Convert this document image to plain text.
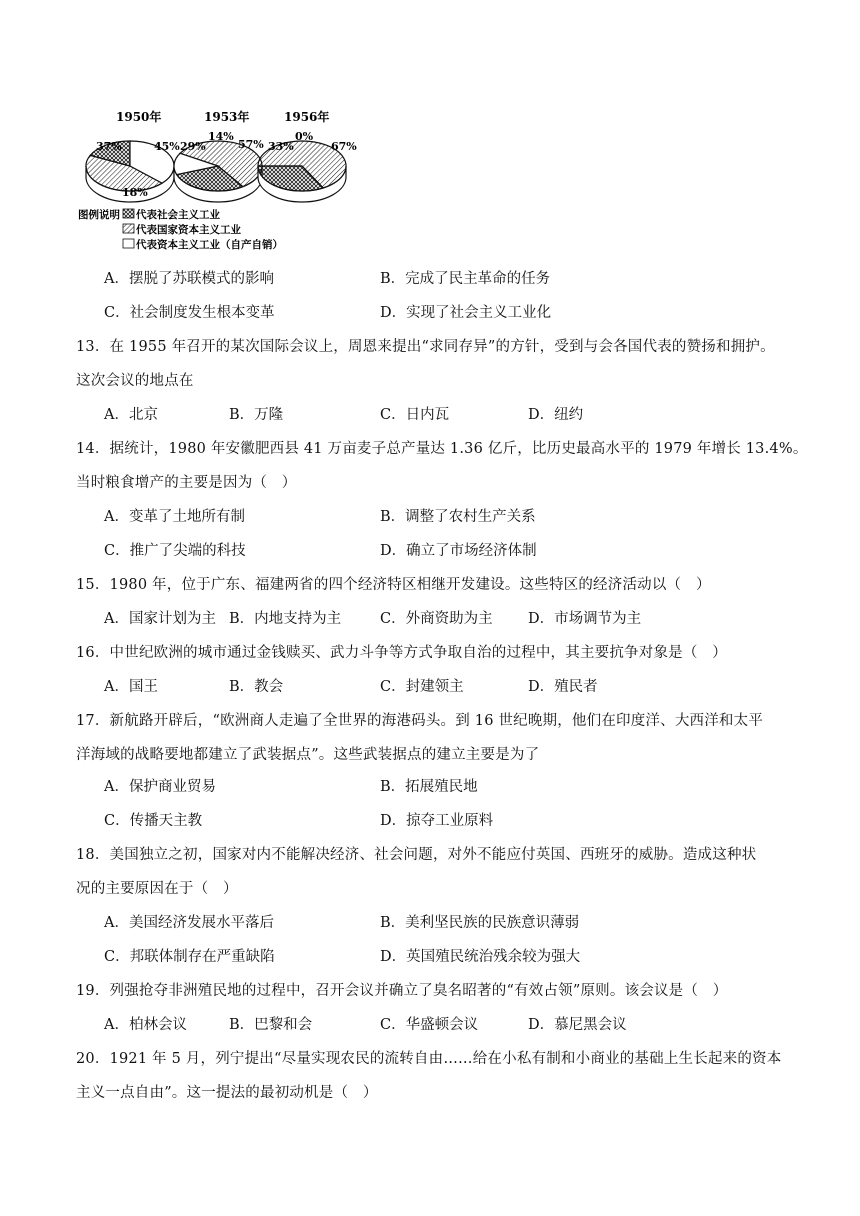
1950年	1953年	1956年
37%	45%
18%
29%
14%
57% 33%
0%
67%
图例说明 代表社会主义工业
代表国家资本主义工业
代表资本主义工业（自产自销）
A．摆脱了苏联模式的影响	B．完成了民主革命的任务
C．社会制度发生根本变革	D．实现了社会主义工业化
13．在 1955 年召开的某次国际会议上，周恩来提出“求同存异”的方针，受到与会各国代表的赞扬和拥护。
这次会议的地点在
A．北京	B．万隆	C．日内瓦	D．纽约
14．据统计，1980 年安徽肥西县 41 万亩麦子总产量达 1.36 亿斤，比历史最高水平的 1979 年增长 13.4%。
当时粮食增产的主要是因为（　）
A．变革了土地所有制	B．调整了农村生产关系
C．推广了尖端的科技	D．确立了市场经济体制
15．1980 年，位于广东、福建两省的四个经济特区相继开发建设。这些特区的经济活动以（　）
A．国家计划为主 B．内地支持为主	C．外商资助为主 D．市场调节为主
16．中世纪欧洲的城市通过金钱赎买、武力斗争等方式争取自治的过程中，其主要抗争对象是（　）
A．国王	B．教会	C．封建领主	D．殖民者
17．新航路开辟后，“欧洲商人走遍了全世界的海港码头。到 16 世纪晚期，他们在印度洋、大西洋和太平
洋海域的战略要地都建立了武装据点”。这些武装据点的建立主要是为了
A．保护商业贸易	B．拓展殖民地
C．传播天主教	D．掠夺工业原料
18．美国独立之初，国家对内不能解决经济、社会问题，对外不能应付英国、西班牙的威胁。造成这种状
况的主要原因在于（　）
A．美国经济发展水平落后	B．美利坚民族的民族意识薄弱
C．邦联体制存在严重缺陷	D．英国殖民统治残余较为强大
19．列强抢夺非洲殖民地的过程中，召开会议并确立了臭名昭著的“有效占领”原则。该会议是（　）
A．柏林会议	B．巴黎和会	C．华盛顿会议	D．慕尼黑会议
20．1921 年 5 月，列宁提出“尽量实现农民的流转自由……给在小私有制和小商业的基础上生长起来的资本
主义一点自由”。这一提法的最初动机是（　）
